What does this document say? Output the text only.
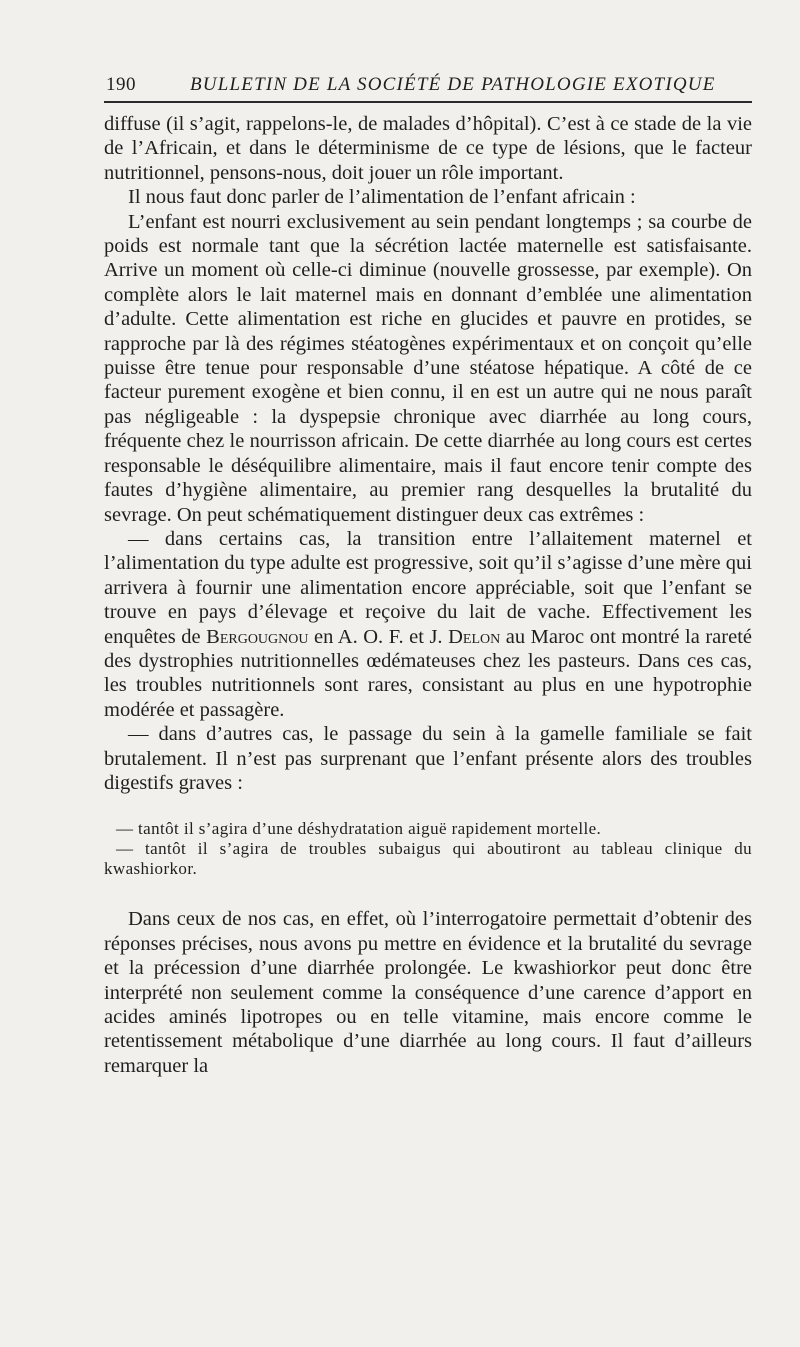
190	BULLETIN DE LA SOCIÉTÉ DE PATHOLOGIE EXOTIQUE

diffuse (il s’agit, rappelons-le, de malades d’hôpital). C’est à ce stade de la vie de l’Africain, et dans le déterminisme de ce type de lésions, que le facteur nutritionnel, pensons-nous, doit jouer un rôle important.

Il nous faut donc parler de l’alimentation de l’enfant africain :

L’enfant est nourri exclusivement au sein pendant longtemps ; sa courbe de poids est normale tant que la sécrétion lactée maternelle est satisfaisante. Arrive un moment où celle-ci diminue (nouvelle grossesse, par exemple). On complète alors le lait maternel mais en donnant d’emblée une alimentation d’adulte. Cette alimentation est riche en glucides et pauvre en protides, se rapproche par là des régimes stéatogènes expérimentaux et on conçoit qu’elle puisse être tenue pour responsable d’une stéatose hépatique. A côté de ce facteur purement exogène et bien connu, il en est un autre qui ne nous paraît pas négligeable : la dyspepsie chronique avec diarrhée au long cours, fréquente chez le nourrisson africain. De cette diarrhée au long cours est certes responsable le déséquilibre alimentaire, mais il faut encore tenir compte des fautes d’hygiène alimentaire, au premier rang desquelles la brutalité du sevrage. On peut schématiquement distinguer deux cas extrêmes :

— dans certains cas, la transition entre l’allaitement maternel et l’alimentation du type adulte est progressive, soit qu’il s’agisse d’une mère qui arrivera à fournir une alimentation encore appréciable, soit que l’enfant se trouve en pays d’élevage et reçoive du lait de vache. Effectivement les enquêtes de Bergougnou en A. O. F. et J. Delon au Maroc ont montré la rareté des dystrophies nutritionnelles œdémateuses chez les pasteurs. Dans ces cas, les troubles nutritionnels sont rares, consistant au plus en une hypotrophie modérée et passagère.

— dans d’autres cas, le passage du sein à la gamelle familiale se fait brutalement. Il n’est pas surprenant que l’enfant présente alors des troubles digestifs graves :

— tantôt il s’agira d’une déshydratation aiguë rapidement mortelle.

— tantôt il s’agira de troubles subaigus qui aboutiront au tableau clinique du kwashiorkor.

Dans ceux de nos cas, en effet, où l’interrogatoire permettait d’obtenir des réponses précises, nous avons pu mettre en évidence et la brutalité du sevrage et la précession d’une diarrhée prolongée. Le kwashiorkor peut donc être interprété non seulement comme la conséquence d’une carence d’apport en acides aminés lipotropes ou en telle vitamine, mais encore comme le retentissement métabolique d’une diarrhée au long cours. Il faut d’ailleurs remarquer la
